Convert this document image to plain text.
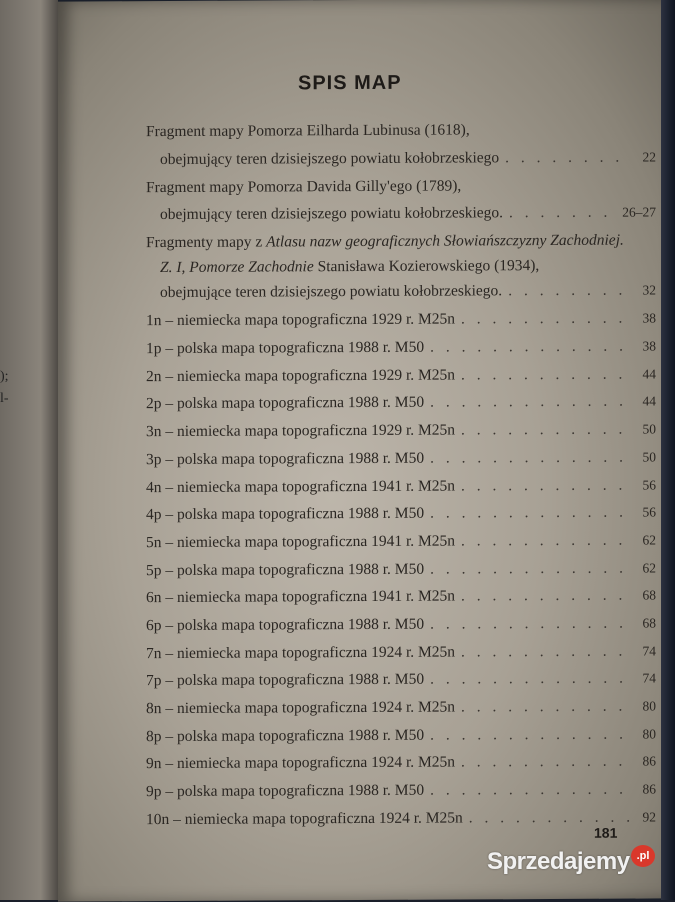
);
l-
SPIS MAP
Fragment mapy Pomorza Eilharda Lubinusa (1618),
obejmujący teren dzisiejszego powiatu kołobrzeskiego . . .	22
Fragment mapy Pomorza Davida Gilly'ego (1789),
obejmujący teren dzisiejszego powiatu kołobrzeskiego. . . .	26–27
Fragmenty mapy z
Atlasu nazw geograficznych Słowiańszczyzny Zachodniej.
Z. I, Pomorze Zachodnie
Stanisława Kozierowskiego (1934),
obejmujące teren dzisiejszego powiatu kołobrzeskiego. . . .	32
1n – niemiecka mapa topograficzna 1929 r. M25n . . .	38
1p – polska mapa topograficzna 1988 r. M50 . . .	38
2n – niemiecka mapa topograficzna 1929 r. M25n . . .	44
2p – polska mapa topograficzna 1988 r. M50 . . .	44
3n – niemiecka mapa topograficzna 1929 r. M25n . . .	50
3p – polska mapa topograficzna 1988 r. M50 . . .	50
4n – niemiecka mapa topograficzna 1941 r. M25n . . .	56
4p – polska mapa topograficzna 1988 r. M50 . . .	56
5n – niemiecka mapa topograficzna 1941 r. M25n . . .	62
5p – polska mapa topograficzna 1988 r. M50 . . .	62
6n – niemiecka mapa topograficzna 1941 r. M25n . . .	68
6p – polska mapa topograficzna 1988 r. M50 . . .	68
7n – niemiecka mapa topograficzna 1924 r. M25n . . .	74
7p – polska mapa topograficzna 1988 r. M50 . . .	74
8n – niemiecka mapa topograficzna 1924 r. M25n . . .	80
8p – polska mapa topograficzna 1988 r. M50 . . .	80
9n – niemiecka mapa topograficzna 1924 r. M25n . . .	86
9p – polska mapa topograficzna 1988 r. M50 . . .	86
10n – niemiecka mapa topograficzna 1924 r. M25n . . .	92
181
Sprzedajemy .pl
